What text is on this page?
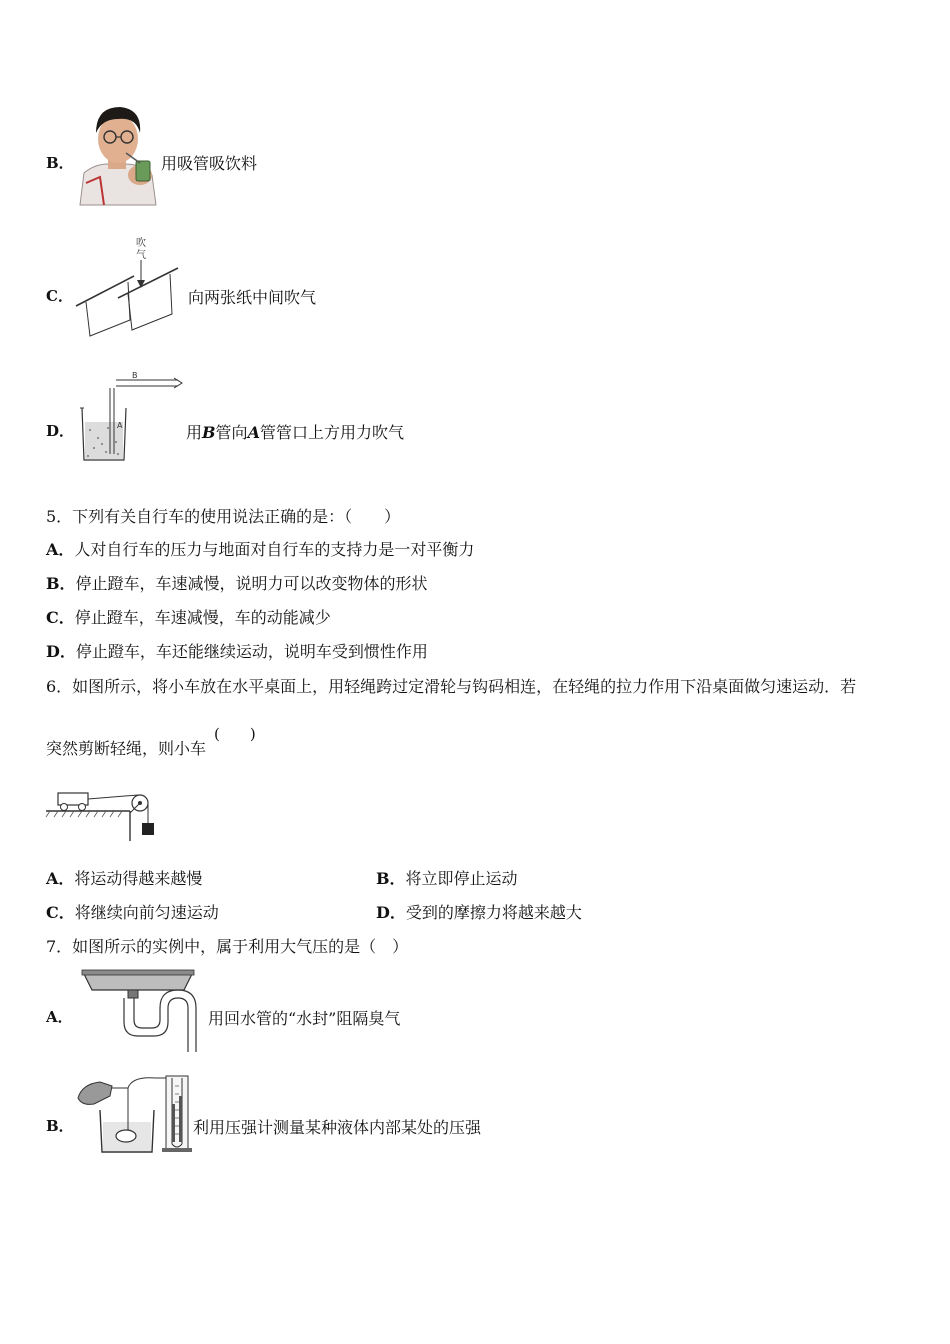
B．	用吸管吸饮料
C．
吹
气
向两张纸中间吹气
D．
B
A	用B管向A管管口上方用力吹气
5．下列有关自行车的使用说法正确的是：（　　）
A．人对自行车的压力与地面对自行车的支持力是一对平衡力
B．停止蹬车，车速减慢，说明力可以改变物体的形状
C．停止蹬车，车速减慢，车的动能减少
D．停止蹬车，车还能继续运动，说明车受到惯性作用
6．如图所示，将小车放在水平桌面上，用轻绳跨过定滑轮与钩码相连，在轻绳的拉力作用下沿桌面做匀速运动．若
突然剪断轻绳，则小车
(　　)
A．将运动得越来越慢	B．将立即停止运动
C．将继续向前匀速运动	D．受到的摩擦力将越来越大
7．如图所示的实例中，属于利用大气压的是（　）
A．	用回水管的“水封”阻隔臭气
B．	利用压强计测量某种液体内部某处的压强
